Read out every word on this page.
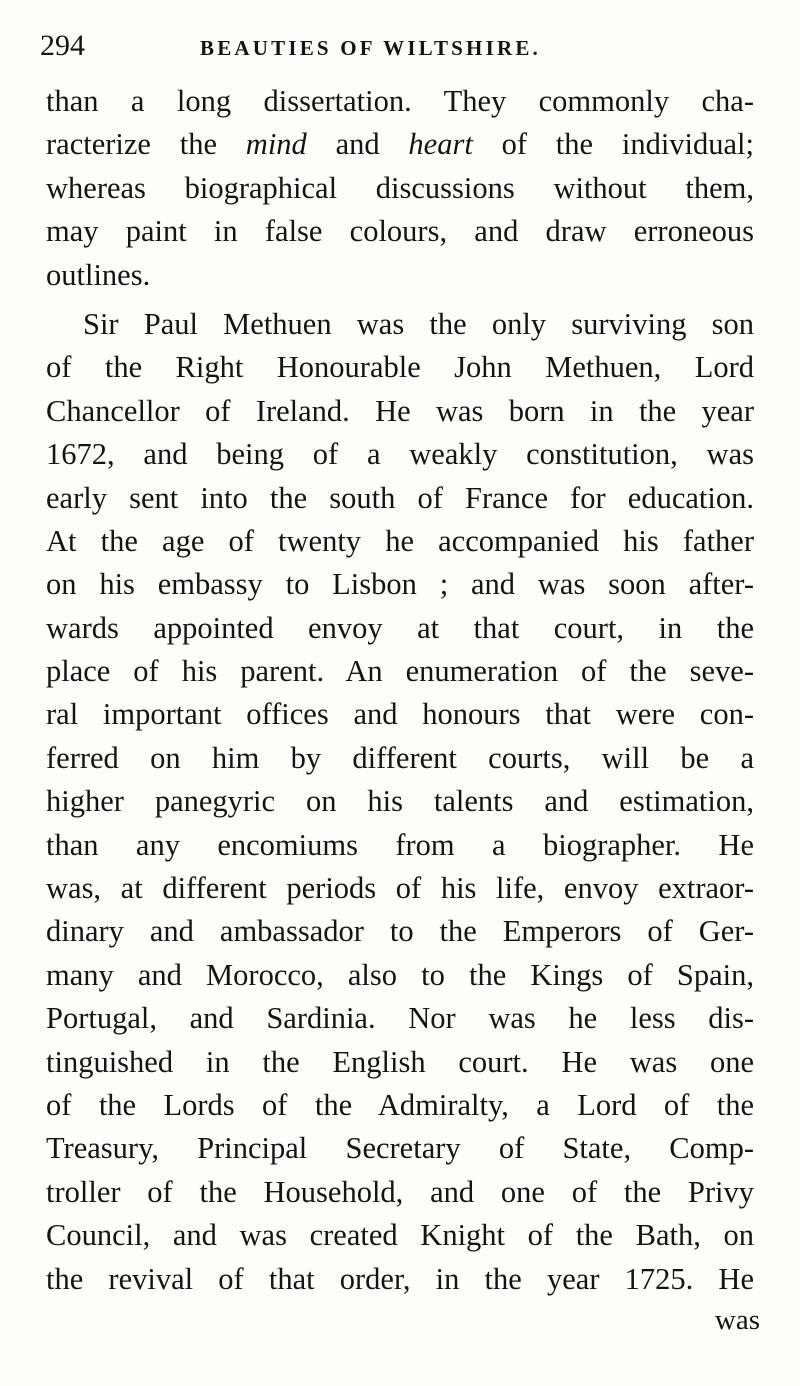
294	BEAUTIES OF WILTSHIRE.
than a long dissertation. They commonly cha-
racterize the mind and heart of the individual;
whereas biographical discussions without them,
may paint in false colours, and draw erroneous
outlines.
Sir Paul Methuen was the only surviving son
of the Right Honourable John Methuen, Lord
Chancellor of Ireland. He was born in the year
1672, and being of a weakly constitution, was
early sent into the south of France for education.
At the age of twenty he accompanied his father
on his embassy to Lisbon ; and was soon after-
wards appointed envoy at that court, in the
place of his parent. An enumeration of the seve-
ral important offices and honours that were con-
ferred on him by different courts, will be a
higher panegyric on his talents and estimation,
than any encomiums from a biographer. He
was, at different periods of his life, envoy extraor-
dinary and ambassador to the Emperors of Ger-
many and Morocco, also to the Kings of Spain,
Portugal, and Sardinia. Nor was he less dis-
tinguished in the English court. He was one
of the Lords of the Admiralty, a Lord of the
Treasury, Principal Secretary of State, Comp-
troller of the Household, and one of the Privy
Council, and was created Knight of the Bath, on
the revival of that order, in the year 1725. He
was
